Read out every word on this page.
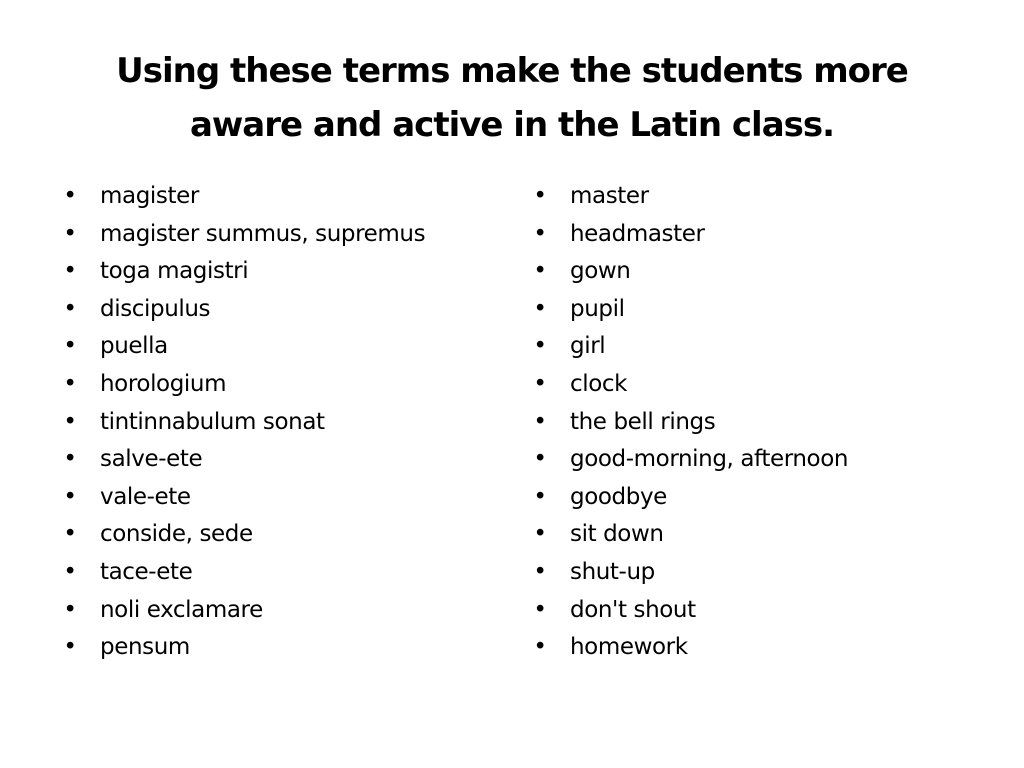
Using these terms make the students more
aware and active in the Latin class.
• magister
• magister summus, supremus
• toga magistri
• discipulus
• puella
• horologium
• tintinnabulum sonat
• salve-ete
• vale-ete
• conside, sede
• tace-ete
• noli exclamare
• pensum
• master
• headmaster
• gown
• pupil
• girl
• clock
• the bell rings
• good-morning, afternoon
• goodbye
• sit down
• shut-up
• don't shout
• homework
